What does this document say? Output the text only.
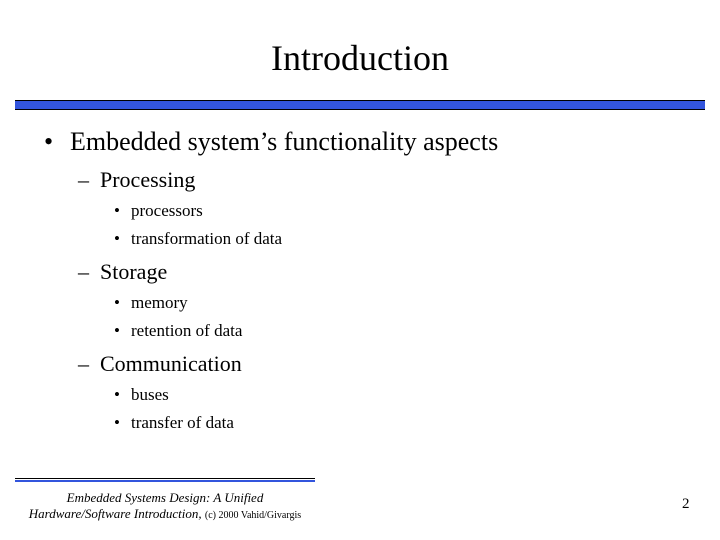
Introduction
• Embedded system’s functionality aspects
– Processing
• processors
• transformation of data
– Storage
• memory
• retention of data
– Communication
• buses
• transfer of data
Embedded Systems Design: A Unified
Hardware/Software Introduction, (c) 2000 Vahid/Givargis
2
